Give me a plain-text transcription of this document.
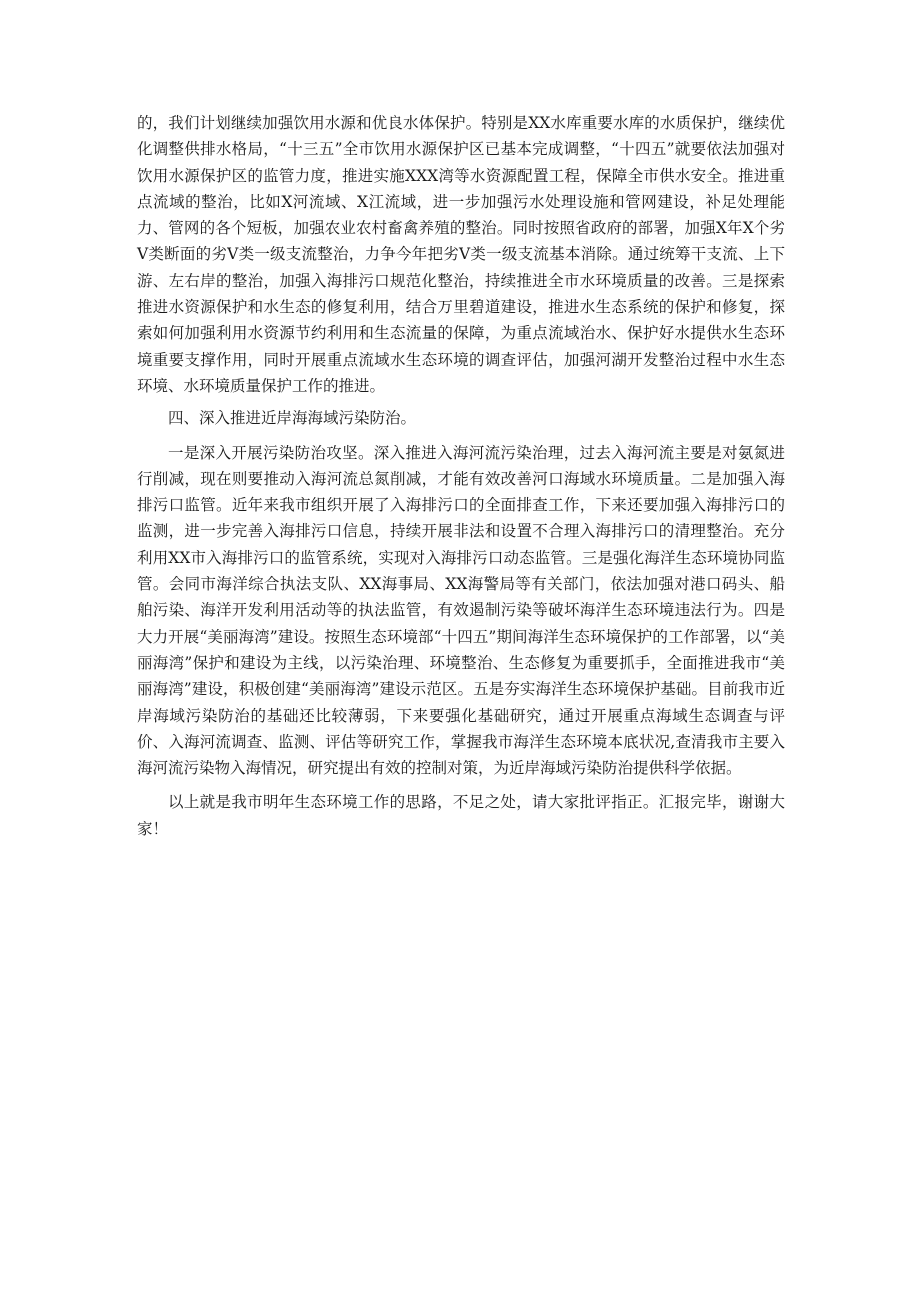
的，我们计划继续加强饮用水源和优良水体保护。特别是XX水库重要水库的水质保护，继续优化调整供排水格局，“十三五”全市饮用水源保护区已基本完成调整，“十四五”就要依法加强对饮用水源保护区的监管力度，推进实施XXX湾等水资源配置工程，保障全市供水安全。推进重点流域的整治，比如X河流域、X江流域，进一步加强污水处理设施和管网建设，补足处理能力、管网的各个短板，加强农业农村畜禽养殖的整治。同时按照省政府的部署，加强X年X个劣V类断面的劣V类一级支流整治，力争今年把劣V类一级支流基本消除。通过统筹干支流、上下游、左右岸的整治，加强入海排污口规范化整治，持续推进全市水环境质量的改善。三是探索推进水资源保护和水生态的修复利用，结合万里碧道建设，推进水生态系统的保护和修复，探索如何加强利用水资源节约利用和生态流量的保障，为重点流域治水、保护好水提供水生态环境重要支撑作用，同时开展重点流域水生态环境的调查评估，加强河湖开发整治过程中水生态环境、水环境质量保护工作的推进。

四、深入推进近岸海海域污染防治。

一是深入开展污染防治攻坚。深入推进入海河流污染治理，过去入海河流主要是对氨氮进行削减，现在则要推动入海河流总氮削减，才能有效改善河口海域水环境质量。二是加强入海排污口监管。近年来我市组织开展了入海排污口的全面排查工作，下来还要加强入海排污口的监测，进一步完善入海排污口信息，持续开展非法和设置不合理入海排污口的清理整治。充分利用XX市入海排污口的监管系统，实现对入海排污口动态监管。三是强化海洋生态环境协同监管。会同市海洋综合执法支队、XX海事局、XX海警局等有关部门，依法加强对港口码头、船舶污染、海洋开发利用活动等的执法监管，有效遏制污染等破坏海洋生态环境违法行为。四是大力开展“美丽海湾”建设。按照生态环境部“十四五”期间海洋生态环境保护的工作部署，以“美丽海湾”保护和建设为主线，以污染治理、环境整治、生态修复为重要抓手，全面推进我市“美丽海湾”建设，积极创建“美丽海湾”建设示范区。五是夯实海洋生态环境保护基础。目前我市近岸海域污染防治的基础还比较薄弱，下来要强化基础研究，通过开展重点海域生态调查与评价、入海河流调查、监测、评估等研究工作，掌握我市海洋生态环境本底状况,查清我市主要入海河流污染物入海情况，研究提出有效的控制对策，为近岸海域污染防治提供科学依据。

以上就是我市明年生态环境工作的思路，不足之处，请大家批评指正。汇报完毕，谢谢大家！
